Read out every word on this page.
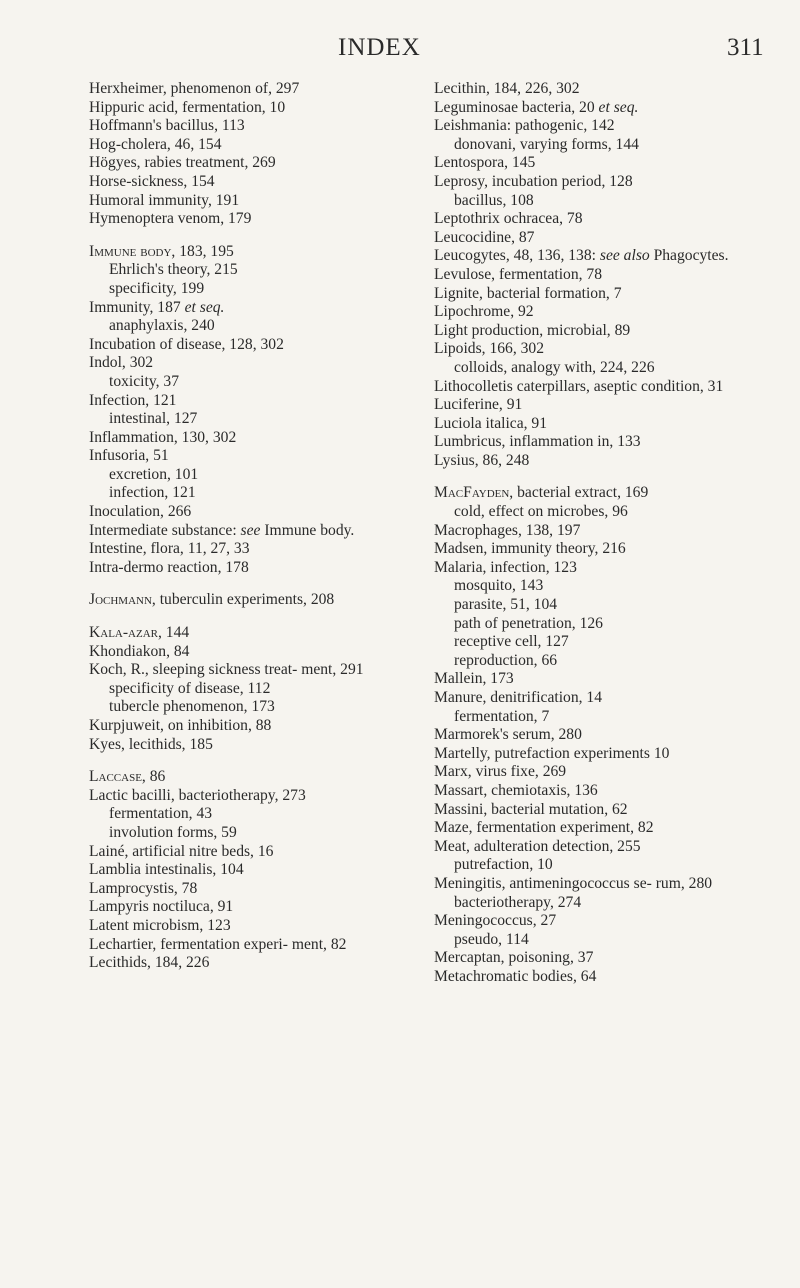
INDEX	311
Herxheimer, phenomenon of, 297
Hippuric acid, fermentation, 10
Hoffmann's bacillus, 113
Hog-cholera, 46, 154
Högyes, rabies treatment, 269
Horse-sickness, 154
Humoral immunity, 191
Hymenoptera venom, 179
Immune body, 183, 195
Ehrlich's theory, 215
specificity, 199
Immunity, 187 et seq.
anaphylaxis, 240
Incubation of disease, 128, 302
Indol, 302
toxicity, 37
Infection, 121
intestinal, 127
Inflammation, 130, 302
Infusoria, 51
excretion, 101
infection, 121
Inoculation, 266
Intermediate substance: see Immune body.
Intestine, flora, 11, 27, 33
Intra-dermo reaction, 178
Jochmann, tuberculin experiments, 208
Kala-azar, 144
Khondiakon, 84
Koch, R., sleeping sickness treat- ment, 291
specificity of disease, 112
tubercle phenomenon, 173
Kurpjuweit, on inhibition, 88
Kyes, lecithids, 185
Laccase, 86
Lactic bacilli, bacteriotherapy, 273
fermentation, 43
involution forms, 59
Lainé, artificial nitre beds, 16
Lamblia intestinalis, 104
Lamprocystis, 78
Lampyris noctiluca, 91
Latent microbism, 123
Lechartier, fermentation experi- ment, 82
Lecithids, 184, 226
Lecithin, 184, 226, 302
Leguminosae bacteria, 20 et seq.
Leishmania: pathogenic, 142
donovani, varying forms, 144
Lentospora, 145
Leprosy, incubation period, 128
bacillus, 108
Leptothrix ochracea, 78
Leucocidine, 87
Leucogytes, 48, 136, 138: see also Phagocytes.
Levulose, fermentation, 78
Lignite, bacterial formation, 7
Lipochrome, 92
Light production, microbial, 89
Lipoids, 166, 302
colloids, analogy with, 224, 226
Lithocolletis caterpillars, aseptic condition, 31
Luciferine, 91
Luciola italica, 91
Lumbricus, inflammation in, 133
Lysius, 86, 248
MacFayden, bacterial extract, 169
cold, effect on microbes, 96
Macrophages, 138, 197
Madsen, immunity theory, 216
Malaria, infection, 123
mosquito, 143
parasite, 51, 104
path of penetration, 126
receptive cell, 127
reproduction, 66
Mallein, 173
Manure, denitrification, 14
fermentation, 7
Marmorek's serum, 280
Martelly, putrefaction experiments 10
Marx, virus fixe, 269
Massart, chemiotaxis, 136
Massini, bacterial mutation, 62
Maze, fermentation experiment, 82
Meat, adulteration detection, 255
putrefaction, 10
Meningitis, antimeningococcus se- rum, 280
bacteriotherapy, 274
Meningococcus, 27
pseudo, 114
Mercaptan, poisoning, 37
Metachromatic bodies, 64
